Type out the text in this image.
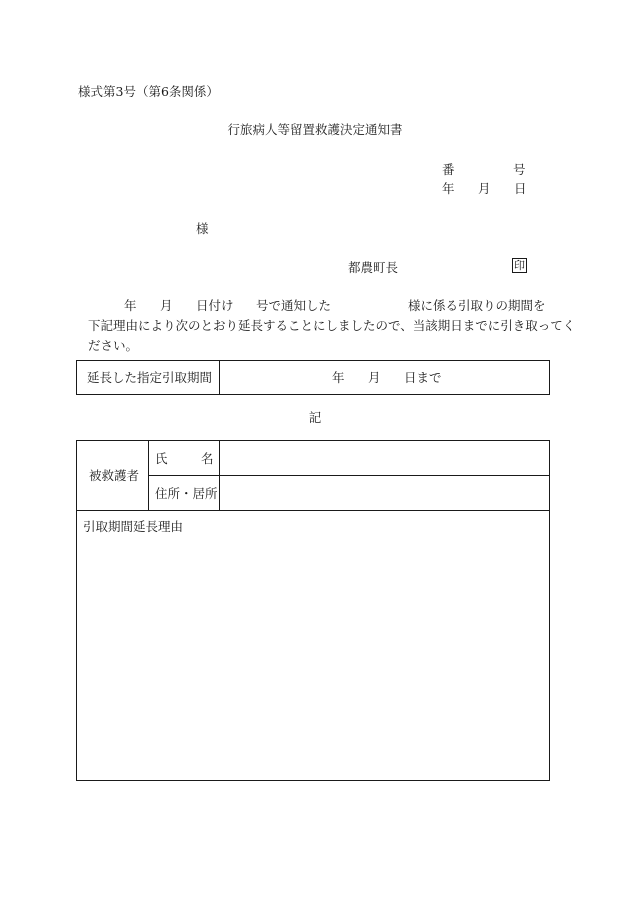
様式第3号（第6条関係）
行旅病人等留置救護決定通知書
番	号
年 月 日
様
都農町長	印
年 月 日付け 号で通知した	様に係る引取りの期間を
下記理由により次のとおり延長することにしましたので、当該期日までに引き取ってく
ださい。
延長した指定引取期間	年 月 日まで
記
被救護者
氏	名
住所・居所
引取期間延長理由
